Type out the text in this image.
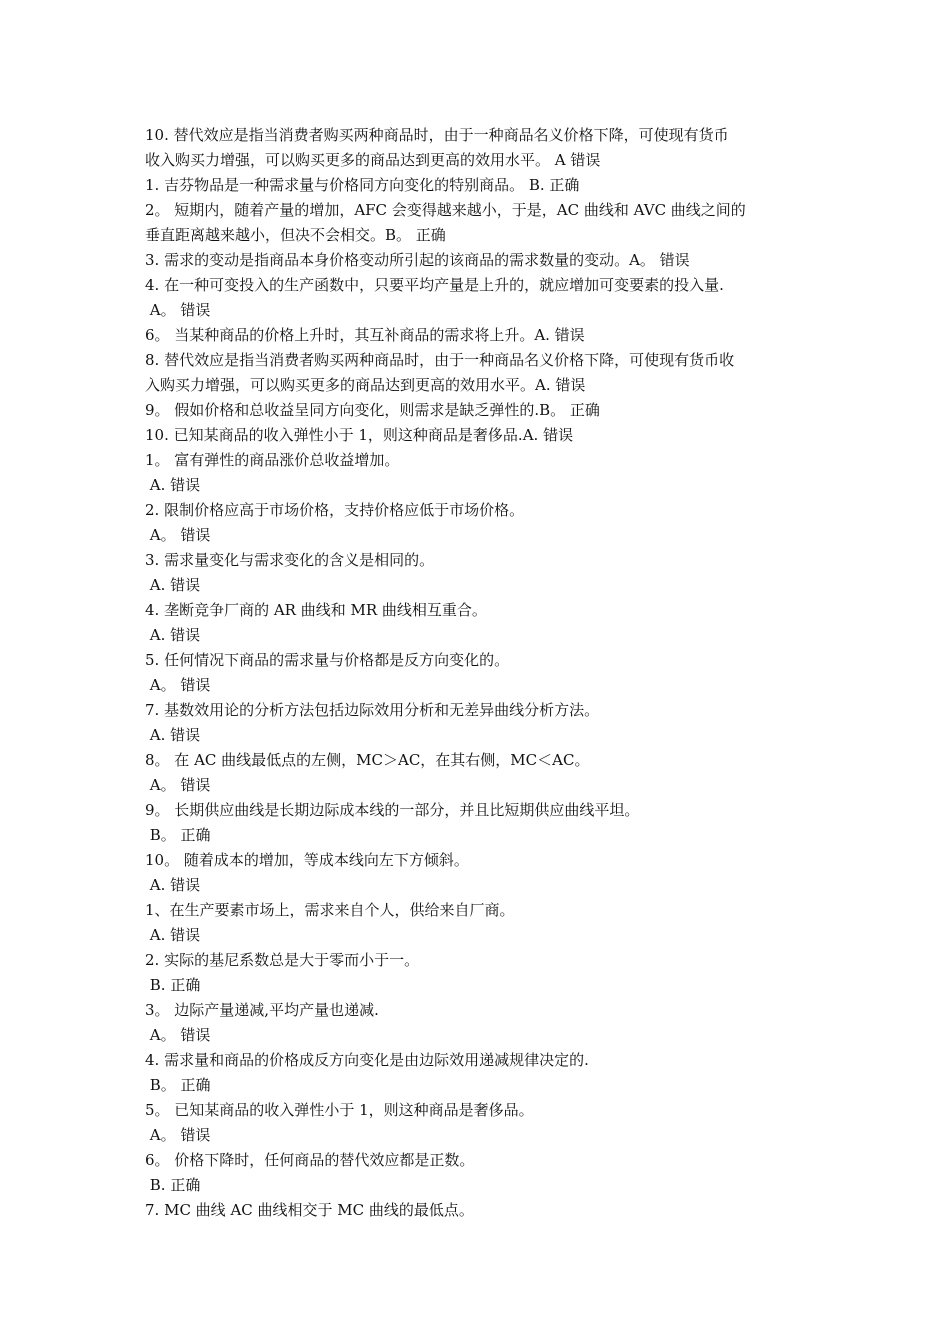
10. 替代效应是指当消费者购买两种商品时，由于一种商品名义价格下降，可使现有货币
收入购买力增强，可以购买更多的商品达到更高的效用水平。 A 错误
1. 吉芬物品是一种需求量与价格同方向变化的特别商品。 B. 正确
2。 短期内，随着产量的增加，AFC 会变得越来越小，于是，AC 曲线和 AVC 曲线之间的
垂直距离越来越小，但决不会相交。B。 正确
3. 需求的变动是指商品本身价格变动所引起的该商品的需求数量的变动。A。 错误
4. 在一种可变投入的生产函数中，只要平均产量是上升的，就应增加可变要素的投入量.
A。 错误
6。 当某种商品的价格上升时，其互补商品的需求将上升。A. 错误
8. 替代效应是指当消费者购买两种商品时，由于一种商品名义价格下降，可使现有货币收
入购买力增强，可以购买更多的商品达到更高的效用水平。A. 错误
9。 假如价格和总收益呈同方向变化，则需求是缺乏弹性的.B。 正确
10. 已知某商品的收入弹性小于 1，则这种商品是奢侈品.A. 错误
1。 富有弹性的商品涨价总收益增加。
A. 错误
2. 限制价格应高于市场价格，支持价格应低于市场价格。
A。 错误
3. 需求量变化与需求变化的含义是相同的。
A. 错误
4. 垄断竞争厂商的 AR 曲线和 MR 曲线相互重合。
A. 错误
5. 任何情况下商品的需求量与价格都是反方向变化的。
A。 错误
7. 基数效用论的分析方法包括边际效用分析和无差异曲线分析方法。
A. 错误
8。 在 AC 曲线最低点的左侧，MC＞AC，在其右侧，MC＜AC。
A。 错误
9。 长期供应曲线是长期边际成本线的一部分，并且比短期供应曲线平坦。
B。 正确
10。 随着成本的增加，等成本线向左下方倾斜。
A. 错误
1、在生产要素市场上，需求来自个人，供给来自厂商。
A. 错误
2. 实际的基尼系数总是大于零而小于一。
B. 正确
3。 边际产量递减,平均产量也递减.
A。 错误
4. 需求量和商品的价格成反方向变化是由边际效用递减规律决定的.
B。 正确
5。 已知某商品的收入弹性小于 1，则这种商品是奢侈品。
A。 错误
6。 价格下降时，任何商品的替代效应都是正数。
B. 正确
7. MC 曲线 AC 曲线相交于 MC 曲线的最低点。
